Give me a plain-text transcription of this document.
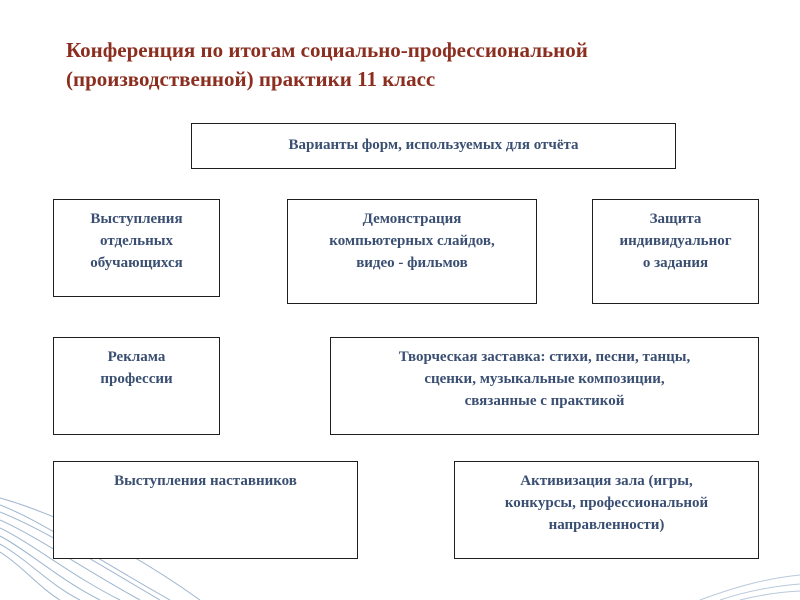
Конференция по итогам социально-профессиональной
(производственной) практики 11 класс
Варианты форм, используемых для отчёта
Выступления
отдельных
обучающихся
Демонстрация
компьютерных слайдов,
видео - фильмов
Защита
индивидуальног
о задания
Реклама
профессии
Творческая заставка: стихи, песни, танцы,
сценки, музыкальные композиции,
связанные с практикой
Выступления наставников	Активизация зала (игры,
конкурсы, профессиональной
направленности)
